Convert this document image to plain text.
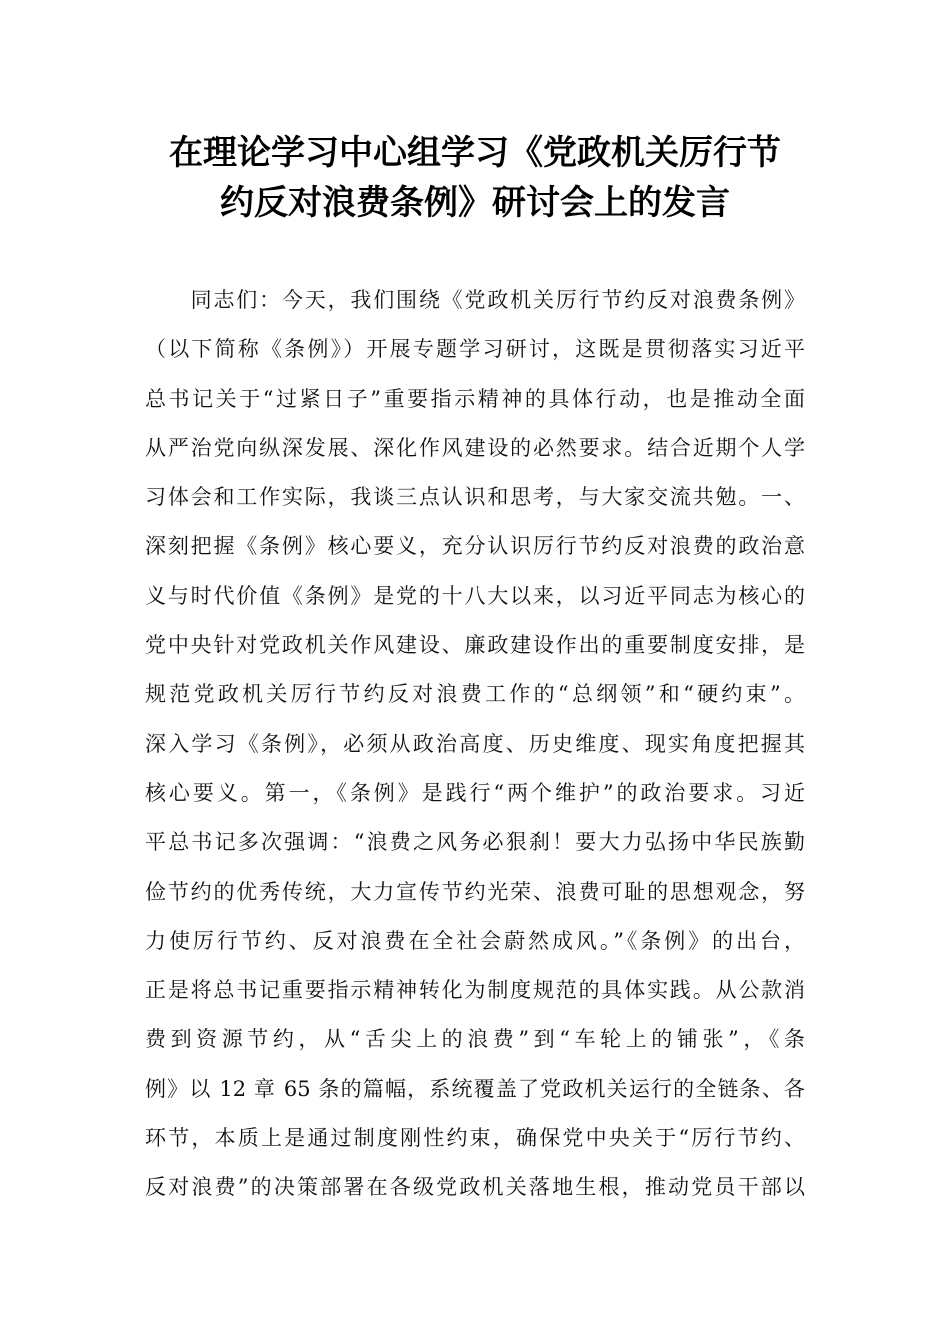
在理论学习中心组学习《党政机关厉行节
约反对浪费条例》研讨会上的发言
　　同志们：今天，我们围绕《党政机关厉行节约反对浪费条例》
（以下简称《条例》）开展专题学习研讨，这既是贯彻落实习近平
总书记关于“过紧日子”重要指示精神的具体行动，也是推动全面
从严治党向纵深发展、深化作风建设的必然要求。结合近期个人学
习体会和工作实际，我谈三点认识和思考，与大家交流共勉。一、
深刻把握《条例》核心要义，充分认识厉行节约反对浪费的政治意
义与时代价值《条例》是党的十八大以来，以习近平同志为核心的
党中央针对党政机关作风建设、廉政建设作出的重要制度安排，是
规范党政机关厉行节约反对浪费工作的“总纲领”和“硬约束”。
深入学习《条例》，必须从政治高度、历史维度、现实角度把握其
核心要义。第一，《条例》是践行“两个维护”的政治要求。习近
平总书记多次强调：“浪费之风务必狠刹！要大力弘扬中华民族勤
俭节约的优秀传统，大力宣传节约光荣、浪费可耻的思想观念，努
力使厉行节约、反对浪费在全社会蔚然成风。”《条例》的出台，
正是将总书记重要指示精神转化为制度规范的具体实践。从公款消
费到资源节约，从“舌尖上的浪费”到“车轮上的铺张”，《条
例》以 12 章 65 条的篇幅，系统覆盖了党政机关运行的全链条、各
环节，本质上是通过制度刚性约束，确保党中央关于“厉行节约、
反对浪费”的决策部署在各级党政机关落地生根，推动党员干部以
